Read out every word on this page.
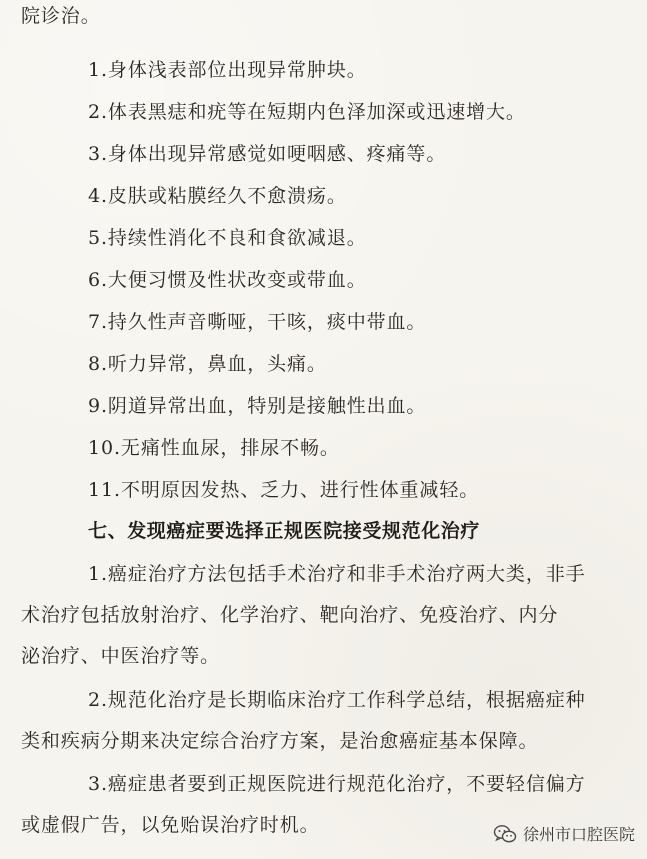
院诊治。
1.身体浅表部位出现异常肿块。
2.体表黑痣和疣等在短期内色泽加深或迅速增大。
3.身体出现异常感觉如哽咽感、疼痛等。
4.皮肤或粘膜经久不愈溃疡。
5.持续性消化不良和食欲减退。
6.大便习惯及性状改变或带血。
7.持久性声音嘶哑，干咳，痰中带血。
8.听力异常，鼻血，头痛。
9.阴道异常出血，特别是接触性出血。
10.无痛性血尿，排尿不畅。
11.不明原因发热、乏力、进行性体重减轻。
七、发现癌症要选择正规医院接受规范化治疗
1.癌症治疗方法包括手术治疗和非手术治疗两大类，非手
术治疗包括放射治疗、化学治疗、靶向治疗、免疫治疗、内分
泌治疗、中医治疗等。
2.规范化治疗是长期临床治疗工作科学总结，根据癌症种
类和疾病分期来决定综合治疗方案，是治愈癌症基本保障。
3.癌症患者要到正规医院进行规范化治疗，不要轻信偏方
或虚假广告，以免贻误治疗时机。	徐州市口腔医院
